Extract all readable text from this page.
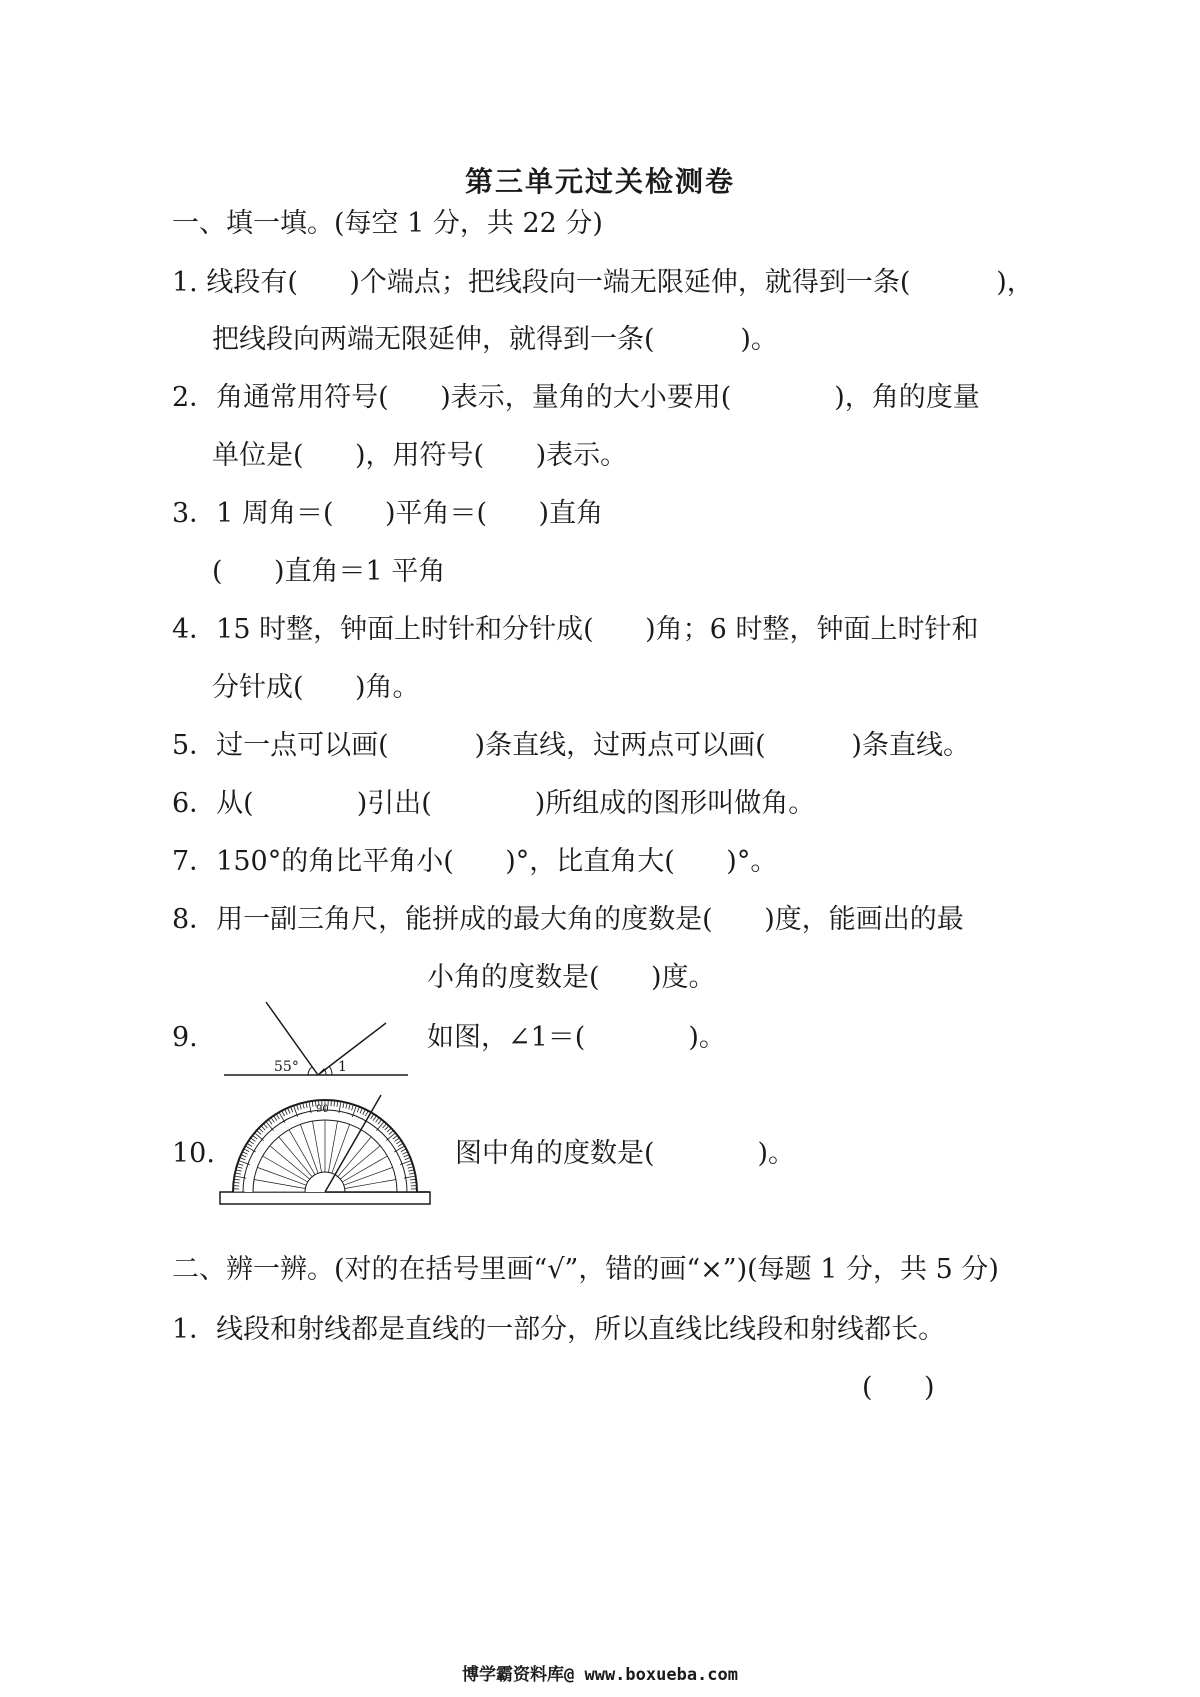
第三单元过关检测卷
一、填一填。(每空 1 分，共 22 分)
1. 线段有(      )个端点；把线段向一端无限延伸，就得到一条(          )，
把线段向两端无限延伸，就得到一条(          )。
2．角通常用符号(      )表示，量角的大小要用(            )，角的度量
单位是(      )，用符号(      )表示。
3．1 周角＝(      )平角＝(      )直角
(      )直角＝1 平角
4．15 时整，钟面上时针和分针成(      )角；6 时整，钟面上时针和
分针成(      )角。
5．过一点可以画(          )条直线，过两点可以画(          )条直线。
6．从(            )引出(            )所组成的图形叫做角。
7．150°的角比平角小(      )°，比直角大(      )°。
8．用一副三角尺，能拼成的最大角的度数是(      )度，能画出的最
小角的度数是(      )度。
9.
55°	1
如图，∠1＝(            )。
10.
90
图中角的度数是(            )。
二、辨一辨。(对的在括号里画“√”，错的画“×”)(每题 1 分，共 5 分)
1．线段和射线都是直线的一部分，所以直线比线段和射线都长。
(      )
博学霸资料库@ www.boxueba.com
